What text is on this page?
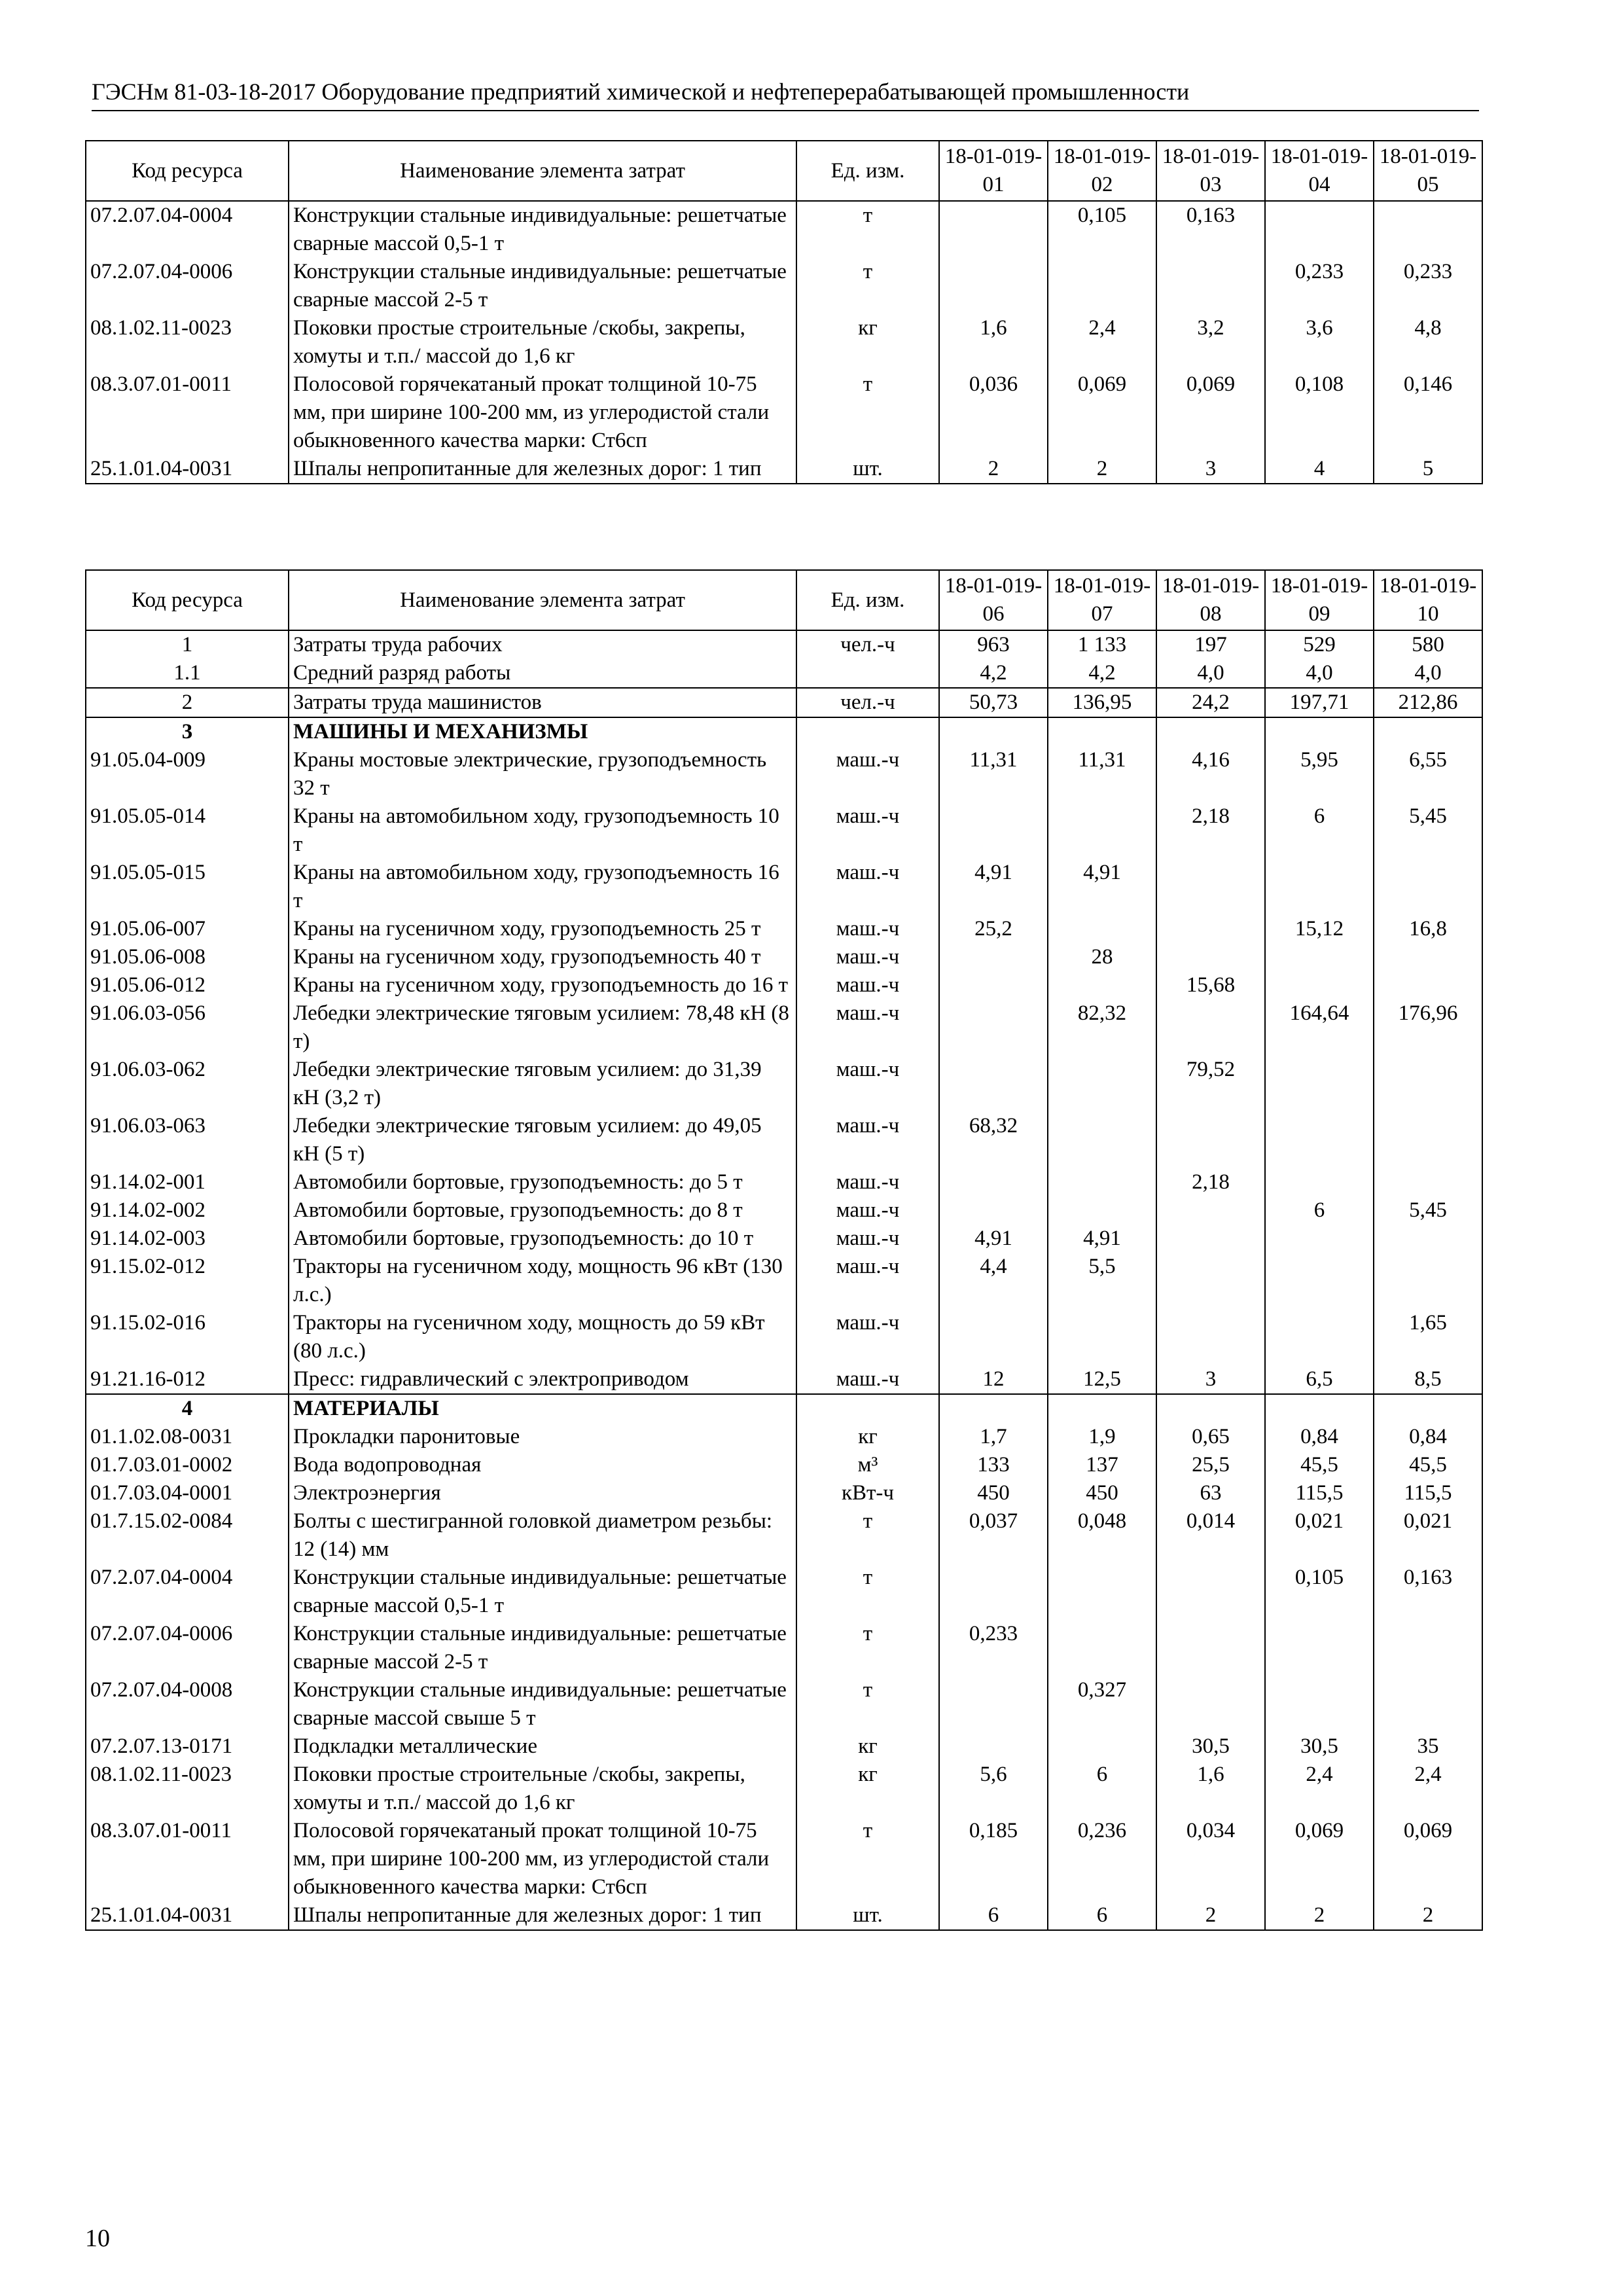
ГЭСНм 81-03-18-2017 Оборудование предприятий химической и нефтеперерабатывающей промышленности
Код ресурса	Наименование элемента затрат	Ед. изм.	18-01-019-01	18-01-019-02	18-01-019-03	18-01-019-04	18-01-019-05
07.2.07.04-0004	Конструкции стальные индивидуальные: решетчатые сварные массой 0,5-1 т	т		0,105	0,163		
07.2.07.04-0006	Конструкции стальные индивидуальные: решетчатые сварные массой 2-5 т	т				0,233	0,233
08.1.02.11-0023	Поковки простые строительные /скобы, закрепы, хомуты и т.п./ массой до 1,6 кг	кг	1,6	2,4	3,2	3,6	4,8
08.3.07.01-0011	Полосовой горячекатаный прокат толщиной 10-75 мм, при ширине 100-200 мм, из углеродистой стали обыкновенного качества марки: Ст6сп	т	0,036	0,069	0,069	0,108	0,146
25.1.01.04-0031	Шпалы непропитанные для железных дорог: 1 тип	шт.	2	2	3	4	5
Код ресурса	Наименование элемента затрат	Ед. изм.	18-01-019-06	18-01-019-07	18-01-019-08	18-01-019-09	18-01-019-10
1	Затраты труда рабочих	чел.-ч	963	1 133	197	529	580
1.1	Средний разряд работы		4,2	4,2	4,0	4,0	4,0
2	Затраты труда машинистов	чел.-ч	50,73	136,95	24,2	197,71	212,86
3	МАШИНЫ И МЕХАНИЗМЫ						
91.05.04-009	Краны мостовые электрические, грузоподъемность 32 т	маш.-ч	11,31	11,31	4,16	5,95	6,55
91.05.05-014	Краны на автомобильном ходу, грузоподъемность 10 т	маш.-ч			2,18	6	5,45
91.05.05-015	Краны на автомобильном ходу, грузоподъемность 16 т	маш.-ч	4,91	4,91			
91.05.06-007	Краны на гусеничном ходу, грузоподъемность 25 т	маш.-ч	25,2			15,12	16,8
91.05.06-008	Краны на гусеничном ходу, грузоподъемность 40 т	маш.-ч		28			
91.05.06-012	Краны на гусеничном ходу, грузоподъемность до 16 т	маш.-ч			15,68		
91.06.03-056	Лебедки электрические тяговым усилием: 78,48 кН (8 т)	маш.-ч		82,32		164,64	176,96
91.06.03-062	Лебедки электрические тяговым усилием: до 31,39 кН (3,2 т)	маш.-ч			79,52		
91.06.03-063	Лебедки электрические тяговым усилием: до 49,05 кН (5 т)	маш.-ч	68,32				
91.14.02-001	Автомобили бортовые, грузоподъемность: до 5 т	маш.-ч			2,18		
91.14.02-002	Автомобили бортовые, грузоподъемность: до 8 т	маш.-ч				6	5,45
91.14.02-003	Автомобили бортовые, грузоподъемность: до 10 т	маш.-ч	4,91	4,91			
91.15.02-012	Тракторы на гусеничном ходу, мощность 96 кВт (130 л.с.)	маш.-ч	4,4	5,5			
91.15.02-016	Тракторы на гусеничном ходу, мощность до 59 кВт (80 л.с.)	маш.-ч					1,65
91.21.16-012	Пресс: гидравлический с электроприводом	маш.-ч	12	12,5	3	6,5	8,5
4	МАТЕРИАЛЫ						
01.1.02.08-0031	Прокладки паронитовые	кг	1,7	1,9	0,65	0,84	0,84
01.7.03.01-0002	Вода водопроводная	м³	133	137	25,5	45,5	45,5
01.7.03.04-0001	Электроэнергия	кВт-ч	450	450	63	115,5	115,5
01.7.15.02-0084	Болты с шестигранной головкой диаметром резьбы: 12 (14) мм	т	0,037	0,048	0,014	0,021	0,021
07.2.07.04-0004	Конструкции стальные индивидуальные: решетчатые сварные массой 0,5-1 т	т				0,105	0,163
07.2.07.04-0006	Конструкции стальные индивидуальные: решетчатые сварные массой 2-5 т	т	0,233				
07.2.07.04-0008	Конструкции стальные индивидуальные: решетчатые сварные массой свыше 5 т	т		0,327			
07.2.07.13-0171	Подкладки металлические	кг			30,5	30,5	35
08.1.02.11-0023	Поковки простые строительные /скобы, закрепы, хомуты и т.п./ массой до 1,6 кг	кг	5,6	6	1,6	2,4	2,4
08.3.07.01-0011	Полосовой горячекатаный прокат толщиной 10-75 мм, при ширине 100-200 мм, из углеродистой стали обыкновенного качества марки: Ст6сп	т	0,185	0,236	0,034	0,069	0,069
25.1.01.04-0031	Шпалы непропитанные для железных дорог: 1 тип	шт.	6	6	2	2	2
10
